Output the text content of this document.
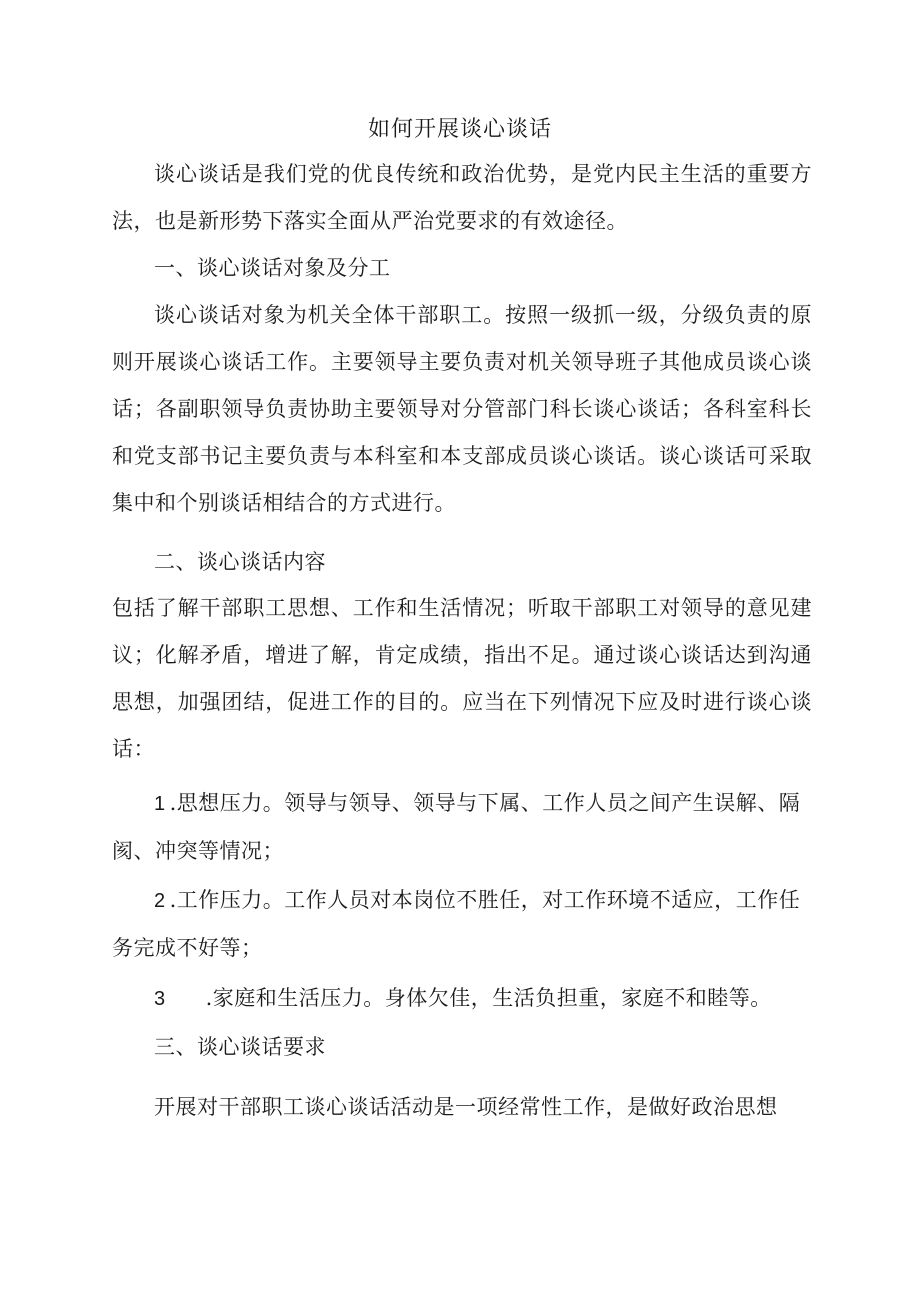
如何开展谈心谈话
谈心谈话是我们党的优良传统和政治优势，是党内民主生活的重要方法，也是新形势下落实全面从严治党要求的有效途径。
一、谈心谈话对象及分工
谈心谈话对象为机关全体干部职工。按照一级抓一级，分级负责的原则开展谈心谈话工作。主要领导主要负责对机关领导班子其他成员谈心谈话；各副职领导负责协助主要领导对分管部门科长谈心谈话；各科室科长和党支部书记主要负责与本科室和本支部成员谈心谈话。谈心谈话可采取集中和个别谈话相结合的方式进行。
二、谈心谈话内容
包括了解干部职工思想、工作和生活情况；听取干部职工对领导的意见建议；化解矛盾，增进了解，肯定成绩，指出不足。通过谈心谈话达到沟通思想，加强团结，促进工作的目的。应当在下列情况下应及时进行谈心谈话：
1 .思想压力。领导与领导、领导与下属、工作人员之间产生误解、隔阂、冲突等情况；
2 .工作压力。工作人员对本岗位不胜任，对工作环境不适应，工作任务完成不好等；
3 .家庭和生活压力。身体欠佳，生活负担重，家庭不和睦等。
三、谈心谈话要求
开展对干部职工谈心谈话活动是一项经常性工作，是做好政治思想
